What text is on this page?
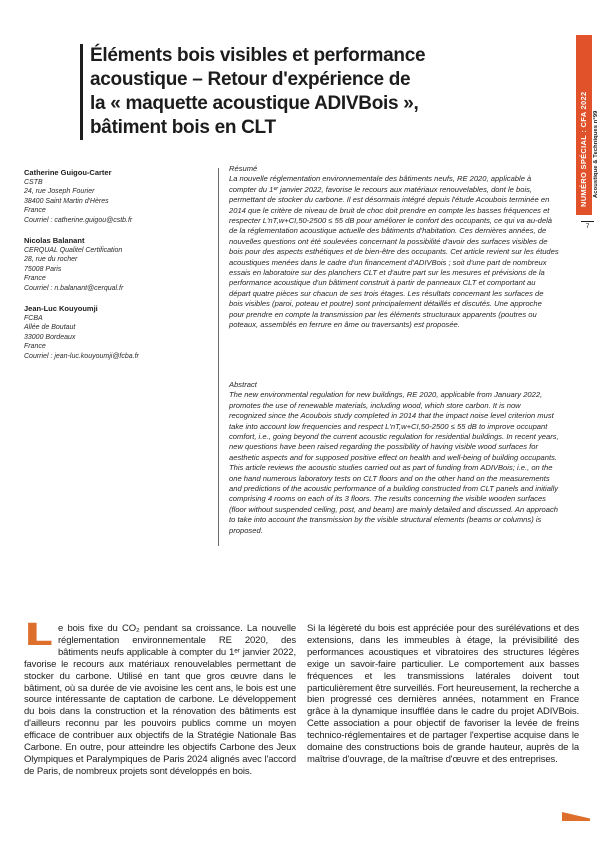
Éléments bois visibles et performance
acoustique – Retour d'expérience de
la « maquette acoustique ADIVBois »,
bâtiment bois en CLT
Catherine Guigou-Carter
CSTB
24, rue Joseph Fourier
38400 Saint Martin d'Hères
France
Courriel : catherine.guigou@cstb.fr
Nicolas Balanant
CERQUAL Qualitel Certification
28, rue du rocher
75008 Paris
France
Courriel : n.balanant@cerqual.fr
Jean-Luc Kouyoumji
FCBA
Allée de Boutaut
33000 Bordeaux
France
Courriel : jean-luc.kouyoumji@fcba.fr
Résumé
La nouvelle réglementation environnementale des bâtiments neufs, RE 2020, applicable à compter du 1ᵉʳ janvier 2022, favorise le recours aux matériaux renouvelables, dont le bois, permettant de stocker du carbone. Il est désormais intégré depuis l'étude Acoubois terminée en 2014 que le critère de niveau de bruit de choc doit prendre en compte les basses fréquences et respecter L'nT,w+CI,50-2500 ≤ 55 dB pour améliorer le confort des occupants, ce qui va au-delà de la réglementation acoustique actuelle des bâtiments d'habitation. Ces dernières années, de nouvelles questions ont été soulevées concernant la possibilité d'avoir des surfaces visibles de bois pour des aspects esthétiques et de bien-être des occupants. Cet article revient sur les études acoustiques menées dans le cadre d'un financement d'ADIVBois ; soit d'une part de nombreux essais en laboratoire sur des planchers CLT et d'autre part sur les mesures et prévisions de la performance acoustique d'un bâtiment construit à partir de panneaux CLT et comportant au départ quatre pièces sur chacun de ses trois étages. Les résultats concernant les surfaces de bois visibles (paroi, poteau et poutre) sont principalement détaillés et discutés. Une approche pour prendre en compte la transmission par les éléments structuraux apparents (poutres ou poteaux, assemblés en ferrure en âme ou traversants) est proposée.
Abstract
The new environmental regulation for new buildings, RE 2020, applicable from January 2022, promotes the use of renewable materials, including wood, which store carbon. It is now recognized since the Acoubois study completed in 2014 that the impact noise level criterion must take into account low frequencies and respect L'nT,w+CI,50-2500 ≤ 55 dB to improve occupant comfort, i.e., going beyond the current acoustic regulation for residential buildings. In recent years, new questions have been raised regarding the possibility of having visible wood surfaces for aesthetic aspects and for supposed positive effect on health and well-being of building occupants. This article reviews the acoustic studies carried out as part of funding from ADIVBois; i.e., on the one hand numerous laboratory tests on CLT floors and on the other hand on the measurements and predictions of the acoustic performance of a building constructed from CLT panels and initially comprising 4 rooms on each of its 3 floors. The results concerning the visible wooden surfaces (floor without suspended ceiling, post, and beam) are mainly detailed and discussed. An approach to take into account the transmission by the visible structural elements (beams or columns) is proposed.
Le bois fixe du CO₂ pendant sa croissance. La nouvelle réglementation environnementale RE 2020, des bâtiments neufs applicable à compter du 1ᵉʳ janvier 2022, favorise le recours aux matériaux renouvelables permettant de stocker du carbone. Utilisé en tant que gros œuvre dans le bâtiment, où sa durée de vie avoisine les cent ans, le bois est une source intéressante de captation de carbone. Le développement du bois dans la construction et la rénovation des bâtiments est d'ailleurs reconnu par les pouvoirs publics comme un moyen efficace de contribuer aux objectifs de la Stratégie Nationale Bas Carbone. En outre, pour atteindre les objectifs Carbone des Jeux Olympiques et Paralympiques de Paris 2024 alignés avec l'accord de Paris, de nombreux projets sont développés en bois.
Si la légèreté du bois est appréciée pour des surélévations et des extensions, dans les immeubles à étage, la prévisibilité des performances acoustiques et vibratoires des structures légères exige un savoir-faire particulier. Le comportement aux basses fréquences et les transmissions latérales doivent tout particulièrement être surveillés. Fort heureusement, la recherche a bien progressé ces dernières années, notamment en France grâce à la dynamique insufflée dans le cadre du projet ADIVBois. Cette association a pour objectif de favoriser la levée de freins technico-réglementaires et de partager l'expertise acquise dans le domaine des constructions bois de grande hauteur, auprès de la maîtrise d'ouvrage, de la maîtrise d'œuvre et des entreprises.
NUMÉRO SPÉCIAL : CFA 2022 Acoustique & Techniques n°99
7
